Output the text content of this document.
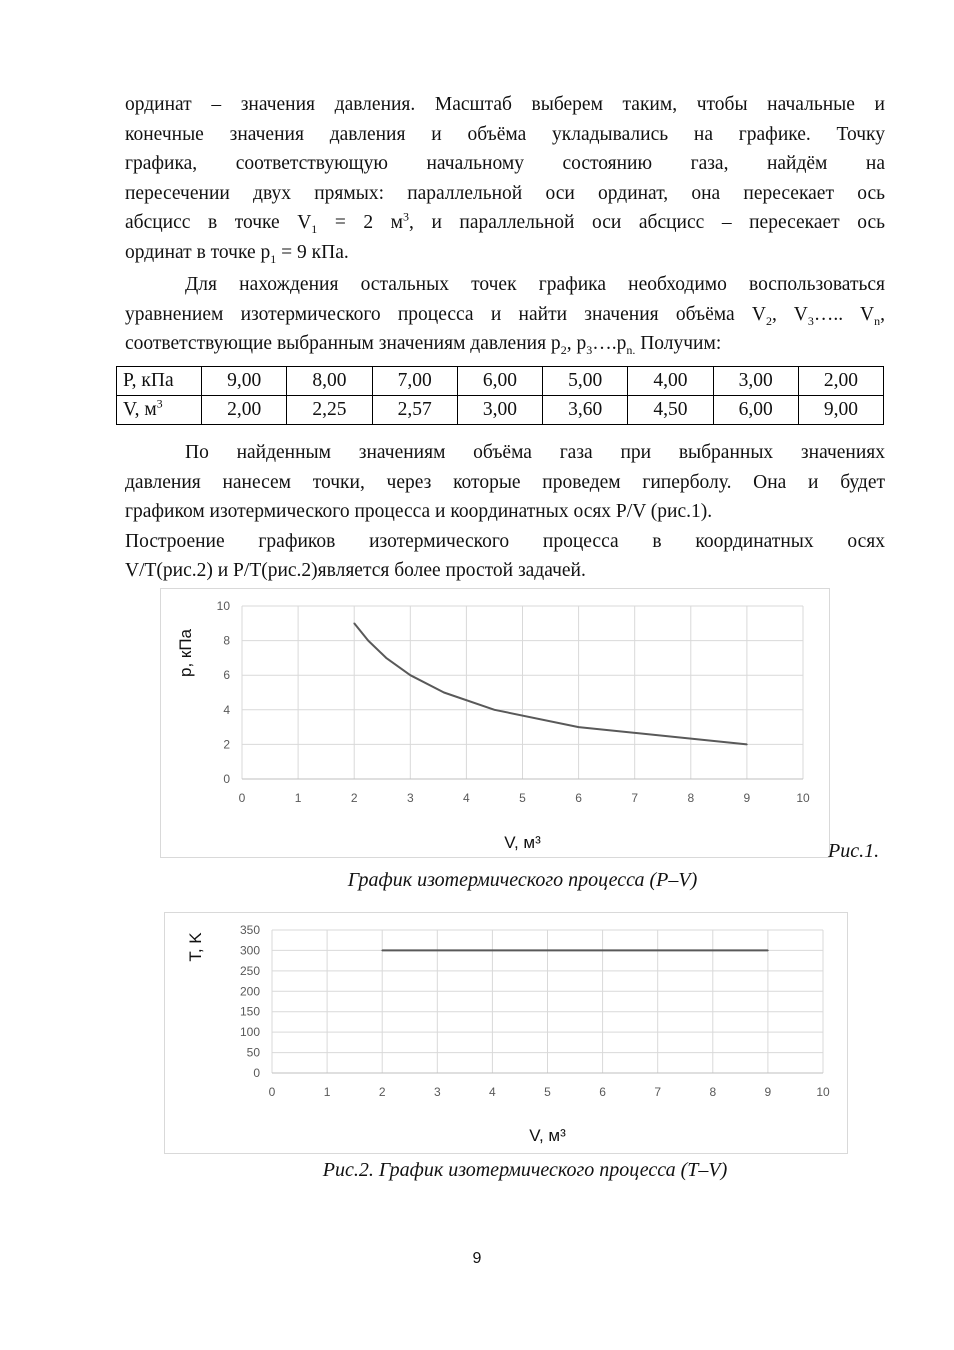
ординат – значения давления. Масштаб выберем таким, чтобы начальные и
конечные значения давления и объёма укладывались на графике. Точку
графика, соответствующую начальному состоянию газа, найдём на
пересечении двух прямых: параллельной оси ординат, она пересекает ось
абсцисс в точке $V_1 = 2$ $м^3$, и параллельной оси абсцисс – пересекает ось
ординат в точке $p_1 = 9$ кПа.
Для нахождения остальных точек графика необходимо воспользоваться
уравнением изотермического процесса и найти значения объёма $V_2$, $V_3\dots$.. $V_n$,
соответствующие выбранным значениям давления $p_2$, $p_3\dots.p_{n.}$ Получим:
P, кПа	9,00	8,00	7,00	6,00	5,00	4,00	3,00	2,00
V, $м^3$	2,00	2,25	2,57	3,00	3,60	4,50	6,00	9,00
По найденным значениям объёма газа при выбранных значениях
давления нанесем точки, через которые проведем гиперболу. Она и будет
графиком изотермического процесса и координатных осях P/V (рис.1).
Построение графиков изотермического процесса в координатных осях
V/T(рис.2) и P/T(рис.2)является более простой задачей.
0	1	2	3	4	5	6	7	8	9	10
0
2
4
6
8
10
V, м³
p, кПа
Рис.1.
График изотермического процесса (P–V)
0	1	2	3	4	5	6	7	8	9	10
0
50
100
150
200
250
300
350
V, м³
T, K
Рис.2. График изотермического процесса (T–V)
9
